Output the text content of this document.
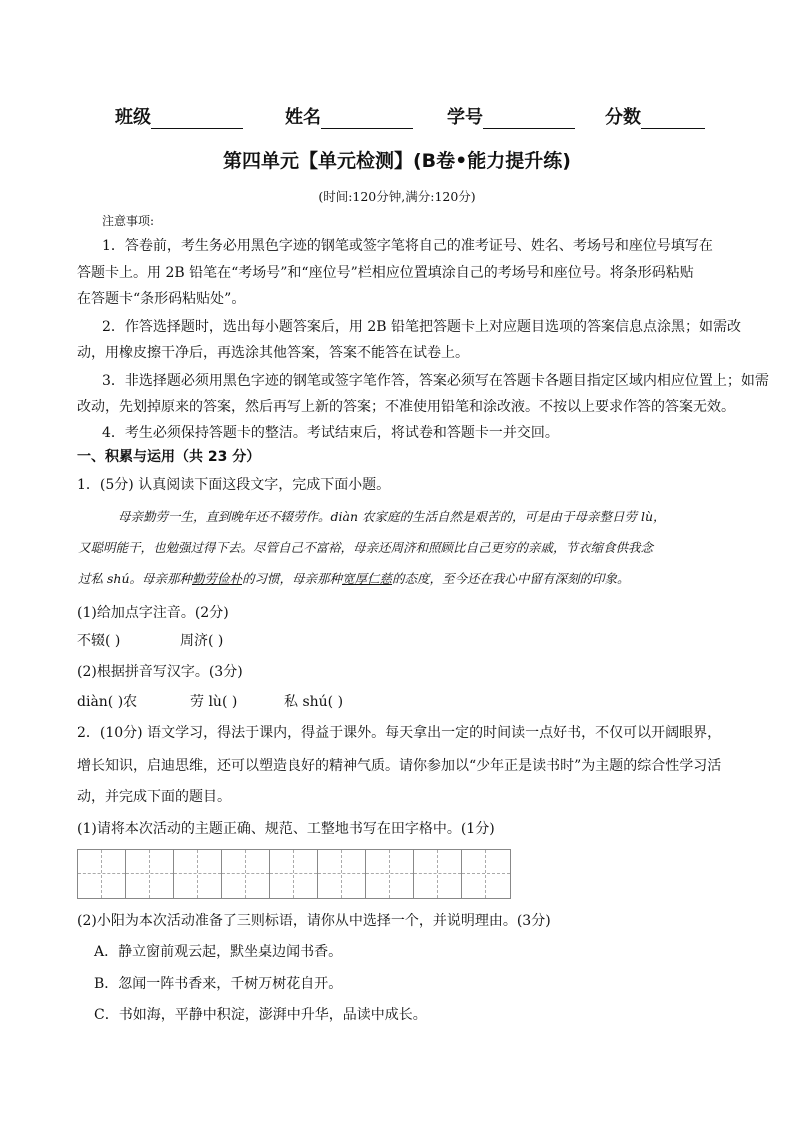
班级	姓名	学号	分数
第四单元【单元检测】(B卷•能力提升练)
(时间:120分钟,满分:120分)
注意事项:
1．答卷前，考生务必用黑色字迹的钢笔或签字笔将自己的准考证号、姓名、考场号和座位号填写在
答题卡上。用 2B 铅笔在“考场号”和“座位号”栏相应位置填涂自己的考场号和座位号。将条形码粘贴
在答题卡“条形码粘贴处”。
2．作答选择题时，选出每小题答案后，用 2B 铅笔把答题卡上对应题目选项的答案信息点涂黑；如需改
动，用橡皮擦干净后，再选涂其他答案，答案不能答在试卷上。
3．非选择题必须用黑色字迹的钢笔或签字笔作答，答案必须写在答题卡各题目指定区域内相应位置上；如需
改动，先划掉原来的答案，然后再写上新的答案；不准使用铅笔和涂改液。不按以上要求作答的答案无效。
4．考生必须保持答题卡的整洁。考试结束后，将试卷和答题卡一并交回。
一、积累与运用（共 23 分）
1．(5分) 认真阅读下面这段文字，完成下面小题。
母亲勤劳一生，直到晚年还不辍劳作。diàn 农家庭的生活自然是艰苦的，可是由于母亲整日劳 lù，
又聪明能干，也勉强过得下去。尽管自己不富裕，母亲还周济和照顾比自己更穷的亲戚，节衣缩食供我念
过私 shú。母亲那种勤劳俭朴的习惯，母亲那种宽厚仁慈的态度，至今还在我心中留有深刻的印象。
(1)给加点字注音。(2分)
不辍( )	周济( )
(2)根据拼音写汉字。(3分)
diàn( )农	劳 lù( )	私 shú( )
2．(10分) 语文学习，得法于课内，得益于课外。每天拿出一定的时间读一点好书，不仅可以开阔眼界，
增长知识，启迪思维，还可以塑造良好的精神气质。请你参加以“少年正是读书时”为主题的综合性学习活
动，并完成下面的题目。
(1)请将本次活动的主题正确、规范、工整地书写在田字格中。(1分)
(2)小阳为本次活动准备了三则标语，请你从中选择一个，并说明理由。(3分)
A．静立窗前观云起，默坐桌边闻书香。
B．忽闻一阵书香来，千树万树花自开。
C．书如海，平静中积淀，澎湃中升华，品读中成长。
